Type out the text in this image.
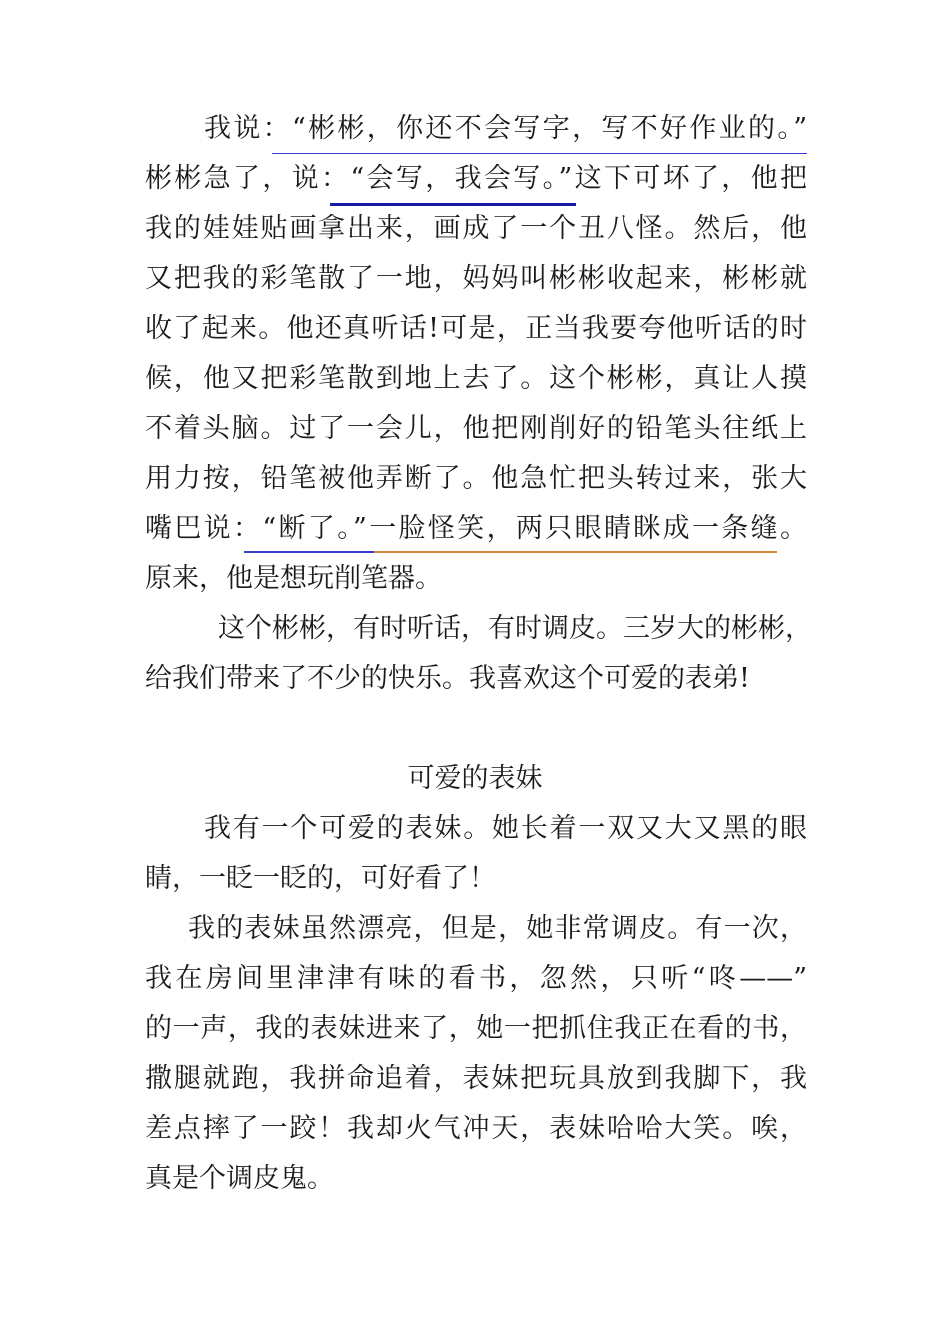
我说：“彬彬，你还不会写字，写不好作业的。”
彬彬急了，说：“会写，我会写。”这下可坏了，他把
我的娃娃贴画拿出来，画成了一个丑八怪。然后，他
又把我的彩笔散了一地，妈妈叫彬彬收起来，彬彬就
收了起来。他还真听话!可是，正当我要夸他听话的时
候，他又把彩笔散到地上去了。这个彬彬，真让人摸
不着头脑。过了一会儿，他把刚削好的铅笔头往纸上
用力按，铅笔被他弄断了。他急忙把头转过来，张大
嘴巴说：“断了。”一脸怪笑，两只眼睛眯成一条缝。
原来，他是想玩削笔器。
这个彬彬，有时听话，有时调皮。三岁大的彬彬，
给我们带来了不少的快乐。我喜欢这个可爱的表弟!
可爱的表妹
我有一个可爱的表妹。她长着一双又大又黑的眼
睛，一眨一眨的，可好看了！
我的表妹虽然漂亮，但是，她非常调皮。有一次，
我在房间里津津有味的看书，忽然，只听“咚——”
的一声，我的表妹进来了，她一把抓住我正在看的书，
撒腿就跑，我拼命追着，表妹把玩具放到我脚下，我
差点摔了一跤！我却火气冲天，表妹哈哈大笑。唉，
真是个调皮鬼。
